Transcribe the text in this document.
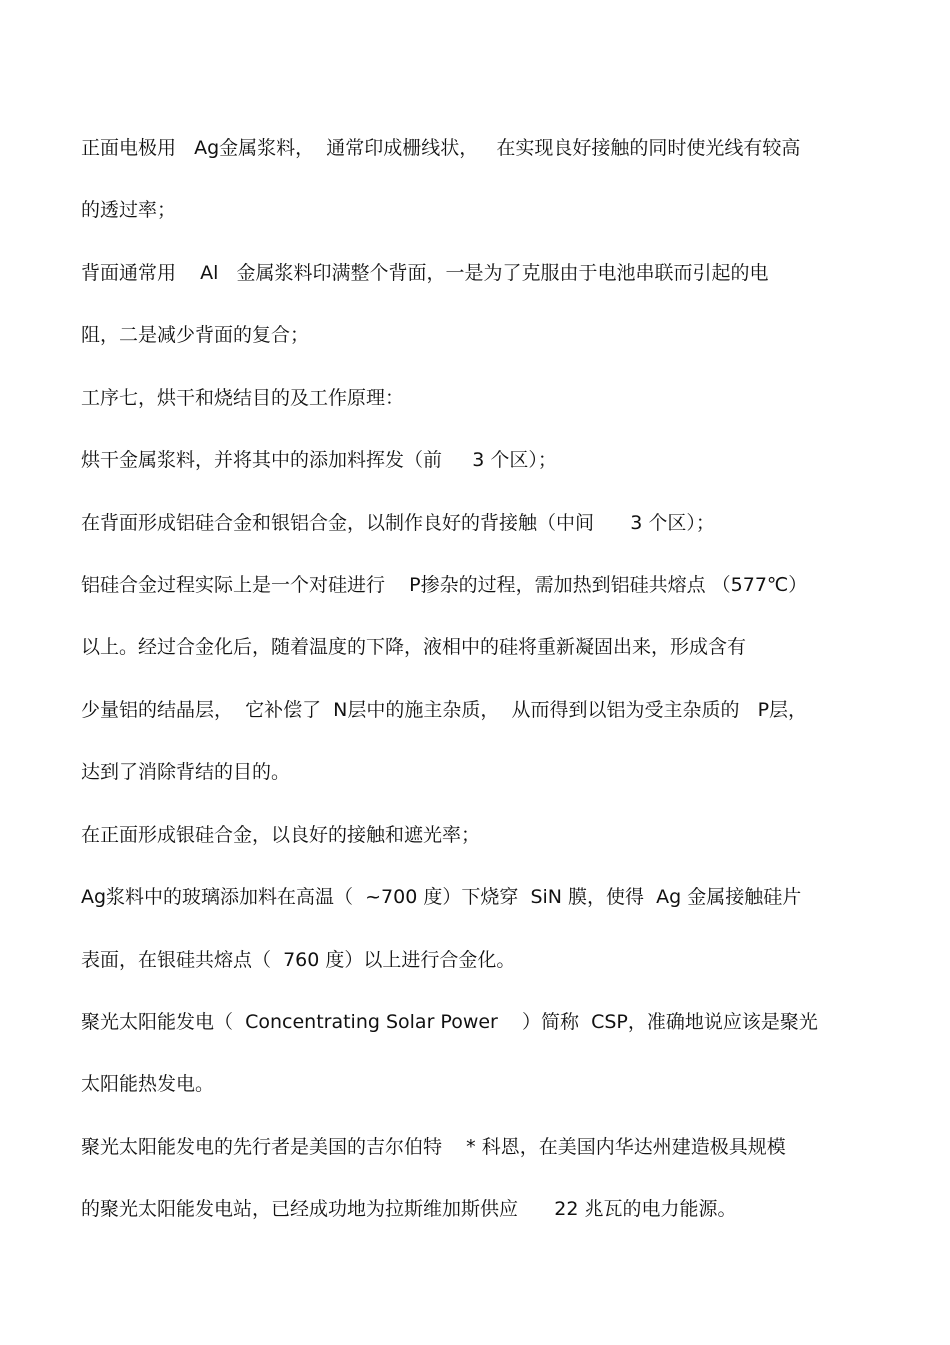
正面电极用   Ag金属浆料，  通常印成栅线状，   在实现良好接触的同时使光线有较高
的透过率；
背面通常用    Al   金属浆料印满整个背面，一是为了克服由于电池串联而引起的电
阻，二是减少背面的复合；
工序七，烘干和烧结目的及工作原理：
烘干金属浆料，并将其中的添加料挥发（前     3 个区）；
在背面形成铝硅合金和银铝合金，以制作良好的背接触（中间      3 个区）；
铝硅合金过程实际上是一个对硅进行    P掺杂的过程，需加热到铝硅共熔点 （577℃）
以上。经过合金化后，随着温度的下降，液相中的硅将重新凝固出来，形成含有
少量铝的结晶层，  它补偿了  N层中的施主杂质，  从而得到以铝为受主杂质的   P层，
达到了消除背结的目的。
在正面形成银硅合金，以良好的接触和遮光率；
Ag浆料中的玻璃添加料在高温（  ~700 度）下烧穿  SiN 膜，使得  Ag 金属接触硅片
表面，在银硅共熔点（  760 度）以上进行合金化。
聚光太阳能发电（  Concentrating Solar Power    ）简称  CSP，准确地说应该是聚光
太阳能热发电。
聚光太阳能发电的先行者是美国的吉尔伯特    * 科恩，在美国内华达州建造极具规模
的聚光太阳能发电站，已经成功地为拉斯维加斯供应      22 兆瓦的电力能源。
